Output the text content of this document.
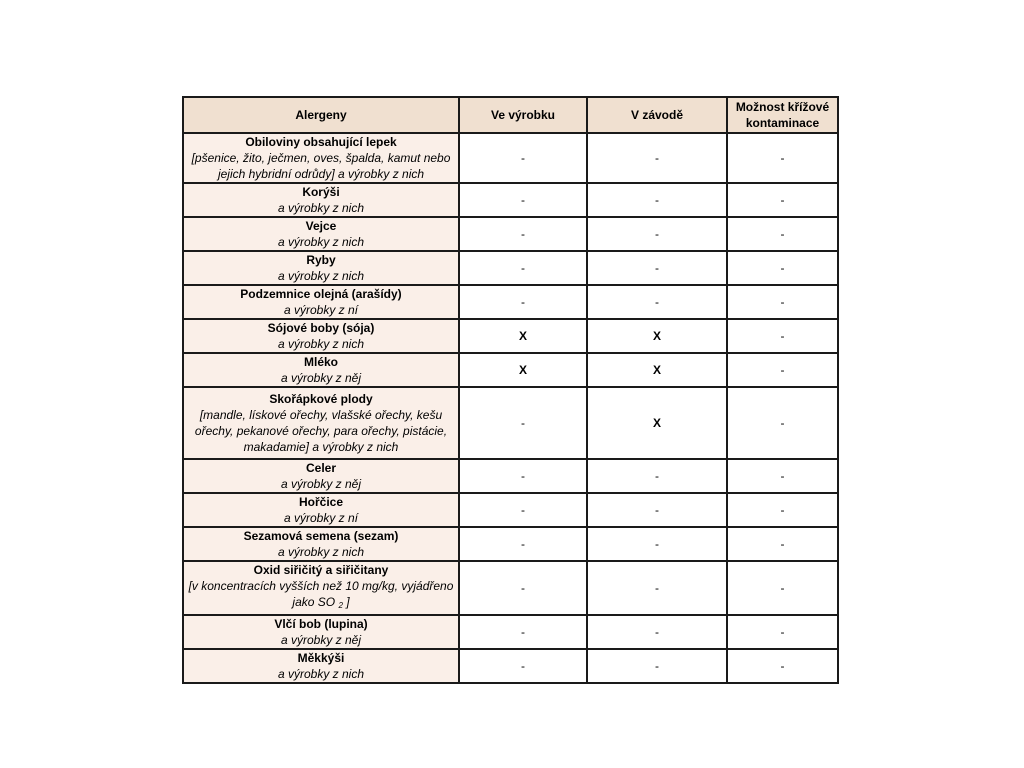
Alergeny	Ve výrobku	V závodě	Možnost křížové
kontaminace

Obiloviny obsahující lepek
[pšenice, žito, ječmen, oves, špalda, kamut nebo
jejich hybridní odrůdy] a výrobky z nich	-	-	-

Korýši
a výrobky z nich	-	-	-

Vejce
a výrobky z nich	-	-	-

Ryby
a výrobky z nich	-	-	-

Podzemnice olejná (arašídy)
a výrobky z ní	-	-	-

Sójové boby (sója)
a výrobky z nich	X	X	-

Mléko
a výrobky z něj	X	X	-

Skořápkové plody
[mandle, lískové ořechy, vlašské ořechy, kešu
ořechy, pekanové ořechy, para ořechy, pistácie,
makadamie] a výrobky z nich	-	X	-

Celer
a výrobky z něj	-	-	-

Hořčice
a výrobky z ní	-	-	-

Sezamová semena (sezam)
a výrobky z nich	-	-	-

Oxid siřičitý a siřičitany
[v koncentracích vyšších než 10 mg/kg, vyjádřeno
jako SO $_2$ ]	-	-	-

Vlčí bob (lupina)
a výrobky z něj	-	-	-

Měkkýši
a výrobky z nich	-	-	-
